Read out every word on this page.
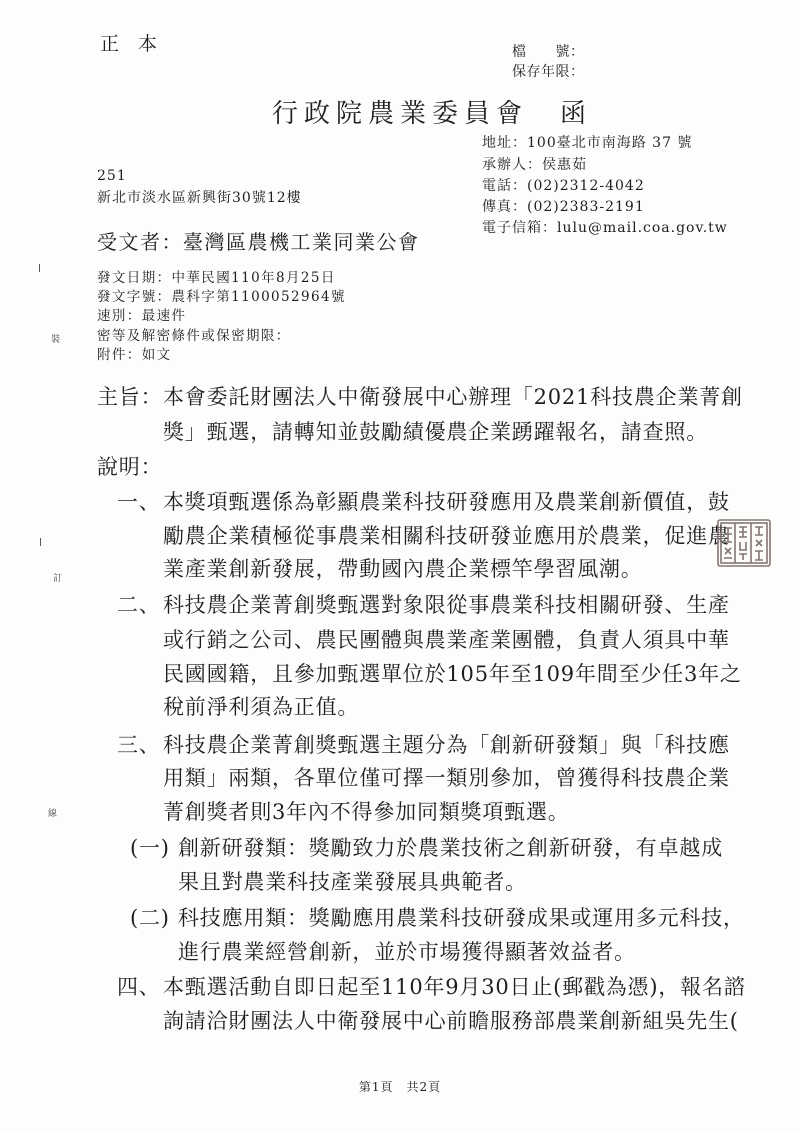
正　本	檔　　號：
保存年限：
行政院農業委員會　函
地址：100臺北市南海路 37 號
承辦人：侯惠茹
電話：(02)2312-4042
傳真：(02)2383-2191
電子信箱：lulu@mail.coa.gov.tw
251
新北市淡水區新興街30號12樓
受文者：臺灣區農機工業同業公會
發文日期：中華民國110年8月25日
發文字號：農科字第1100052964號
速別：最速件
密等及解密條件或保密期限：
附件：如文
主旨： 本會委託財團法人中衛發展中心辦理「2021科技農企業菁創
獎」甄選，請轉知並鼓勵績優農企業踴躍報名，請查照。
說明：
一、 本獎項甄選係為彰顯農業科技研發應用及農業創新價值，鼓
勵農企業積極從事農業相關科技研發並應用於農業，促進農
業產業創新發展，帶動國內農企業標竿學習風潮。
二、 科技農企業菁創獎甄選對象限從事農業科技相關研發、生產
或行銷之公司、農民團體與農業產業團體，負責人須具中華
民國國籍，且參加甄選單位於105年至109年間至少任3年之
稅前淨利須為正值。
三、 科技農企業菁創獎甄選主題分為「創新研發類」與「科技應
用類」兩類，各單位僅可擇一類別參加，曾獲得科技農企業
菁創獎者則3年內不得參加同類獎項甄選。
(一) 創新研發類：獎勵致力於農業技術之創新研發，有卓越成
果且對農業科技產業發展具典範者。
(二) 科技應用類：獎勵應用農業科技研發成果或運用多元科技，
進行農業經營創新，並於市場獲得顯著效益者。
四、 本甄選活動自即日起至110年9月30日止(郵戳為憑)，報名諮
詢請洽財團法人中衛發展中心前瞻服務部農業創新組吳先生(
裝
訂
線
第1頁　共2頁
